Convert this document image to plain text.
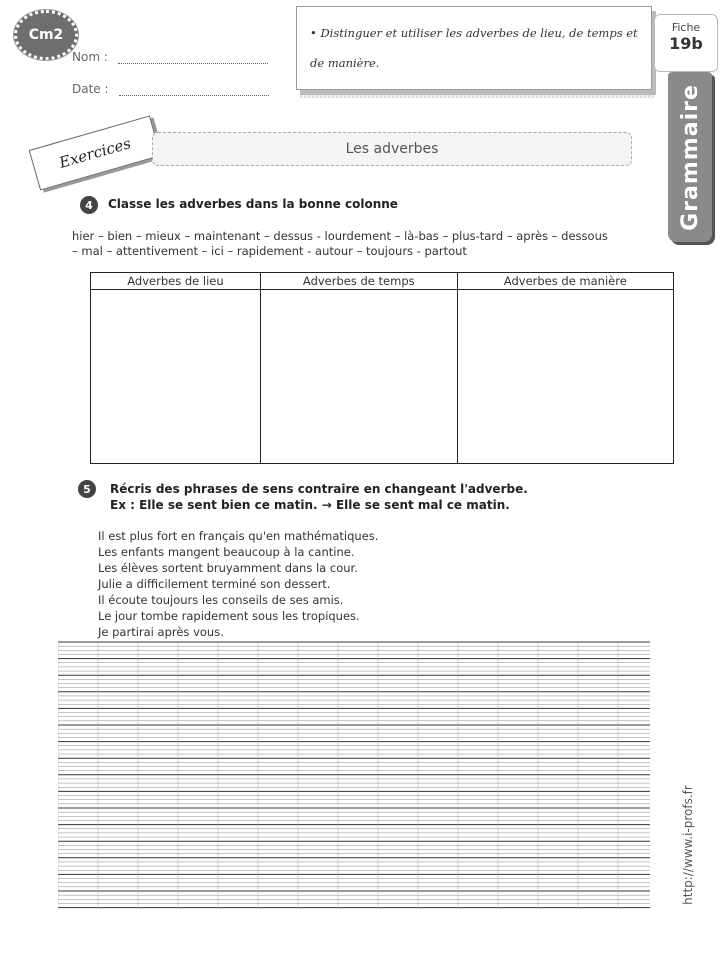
Cm2
Nom :
Date :
• Distinguer et utiliser les adverbes de lieu, de temps et de manière.
Fiche
19b
Grammaire
Exercices	Les adverbes
4	Classe les adverbes dans la bonne colonne
hier – bien – mieux – maintenant – dessus - lourdement – là-bas – plus-tard – après – dessous
– mal – attentivement – ici – rapidement - autour – toujours - partout
Adverbes de lieu	Adverbes de temps	Adverbes de manière

5	Récris des phrases de sens contraire en changeant l'adverbe.
Ex : Elle se sent bien ce matin. → Elle se sent mal ce matin.
Il est plus fort en français qu'en mathématiques.
Les enfants mangent beaucoup à la cantine.
Les élèves sortent bruyamment dans la cour.
Julie a difficilement terminé son dessert.
Il écoute toujours les conseils de ses amis.
Le jour tombe rapidement sous les tropiques.
Je partirai après vous.
http://www.i-profs.fr
